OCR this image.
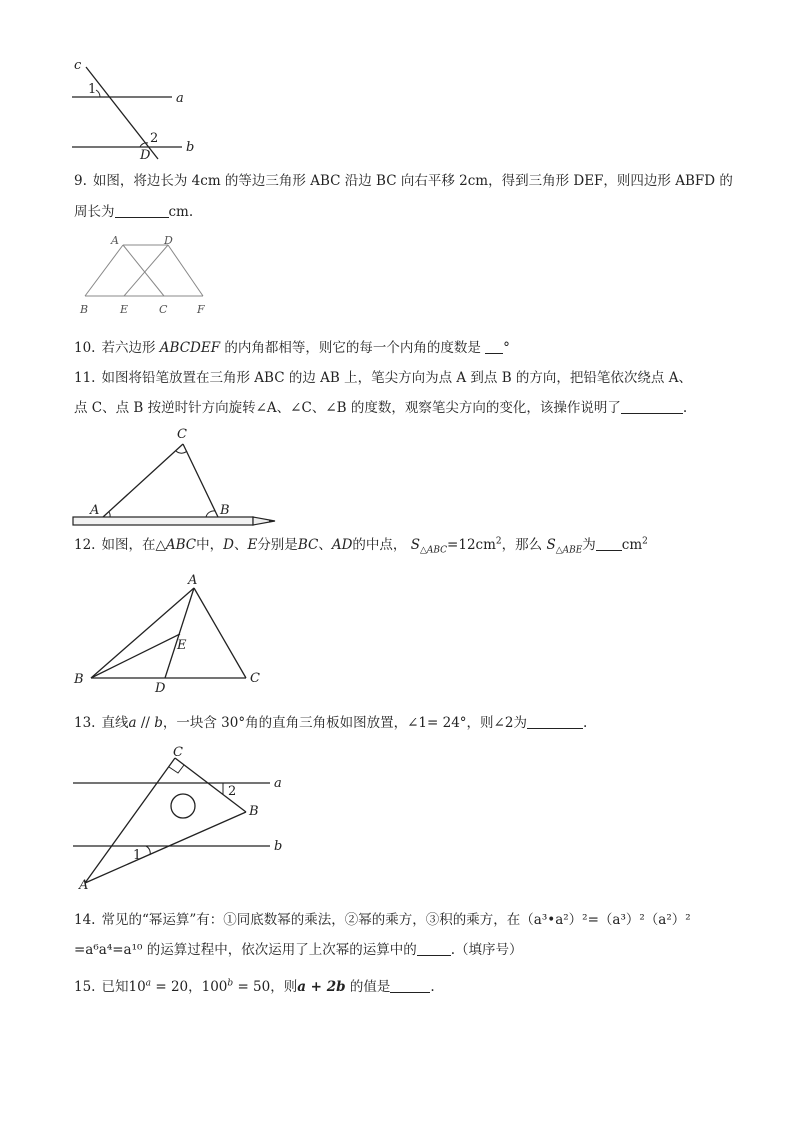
c
1
a
2
D
b
9. 如图，将边长为 4cm 的等边三角形 ABC 沿边 BC 向右平移 2cm，得到三角形 DEF，则四边形 ABFD 的
周长为	cm.
A	D
B	E	C	F
10. 若六边形 ABCDEF 的内角都相等，则它的每一个内角的度数是 °
11. 如图将铅笔放置在三角形 ABC 的边 AB 上，笔尖方向为点 A 到点 B 的方向，把铅笔依次绕点 A、
点 C、点 B 按逆时针方向旋转∠A、∠C、∠B 的度数，观察笔尖方向的变化，该操作说明了	.
C
A	B
12. 如图，在△ABC中，D、E分别是BC、AD的中点， $S_{\triangle ABC}=12cm^2$，那么 $S_{\triangle ABE}$为 $cm^2$
A
E
B
D
C
13. 直线a // b，一块含 30°角的直角三角板如图放置，∠1= 24°，则∠2为	.
C
a
2
B
b
1
A
14. 常见的“幂运算”有：①同底数幂的乘法，②幂的乘方，③积的乘方，在（a³•a²）²=（a³）²（a²）²
=a⁶a⁴=a¹⁰ 的运算过程中，依次运用了上次幂的运算中的	.（填序号）
15. 已知$10^a = 20$，$100^b = 50$，则a + 2b 的值是	.
